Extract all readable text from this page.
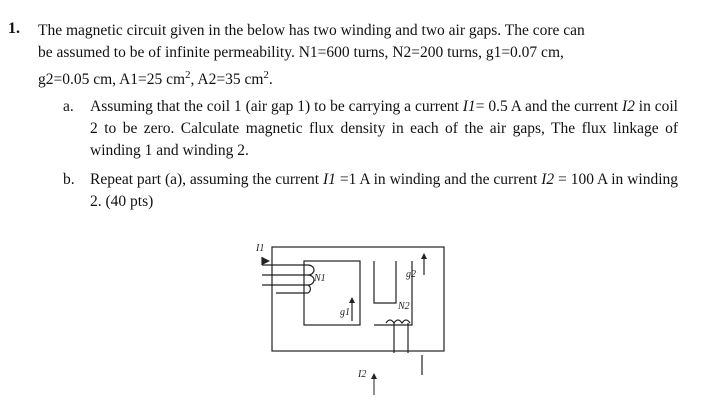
1. The magnetic circuit given in the below has two winding and two air gaps. The core can
be assumed to be of infinite permeability. N1=600 turns, N2=200 turns, g1=0.07 cm,
g2=0.05 cm, A1=25 $cm^2$, A2=35 $cm^2$.
a. Assuming that the coil 1 (air gap 1) to be carrying a current I1= 0.5 A and the current I2 in coil 2 to be zero. Calculate magnetic flux density in each of the air gaps, The flux linkage of winding 1 and winding 2.
b. Repeat part (a), assuming the current I1 =1 A in winding and the current I2 = 100 A in winding 2. (40 pts)
I1
N1
g1
g2
N2
I2
